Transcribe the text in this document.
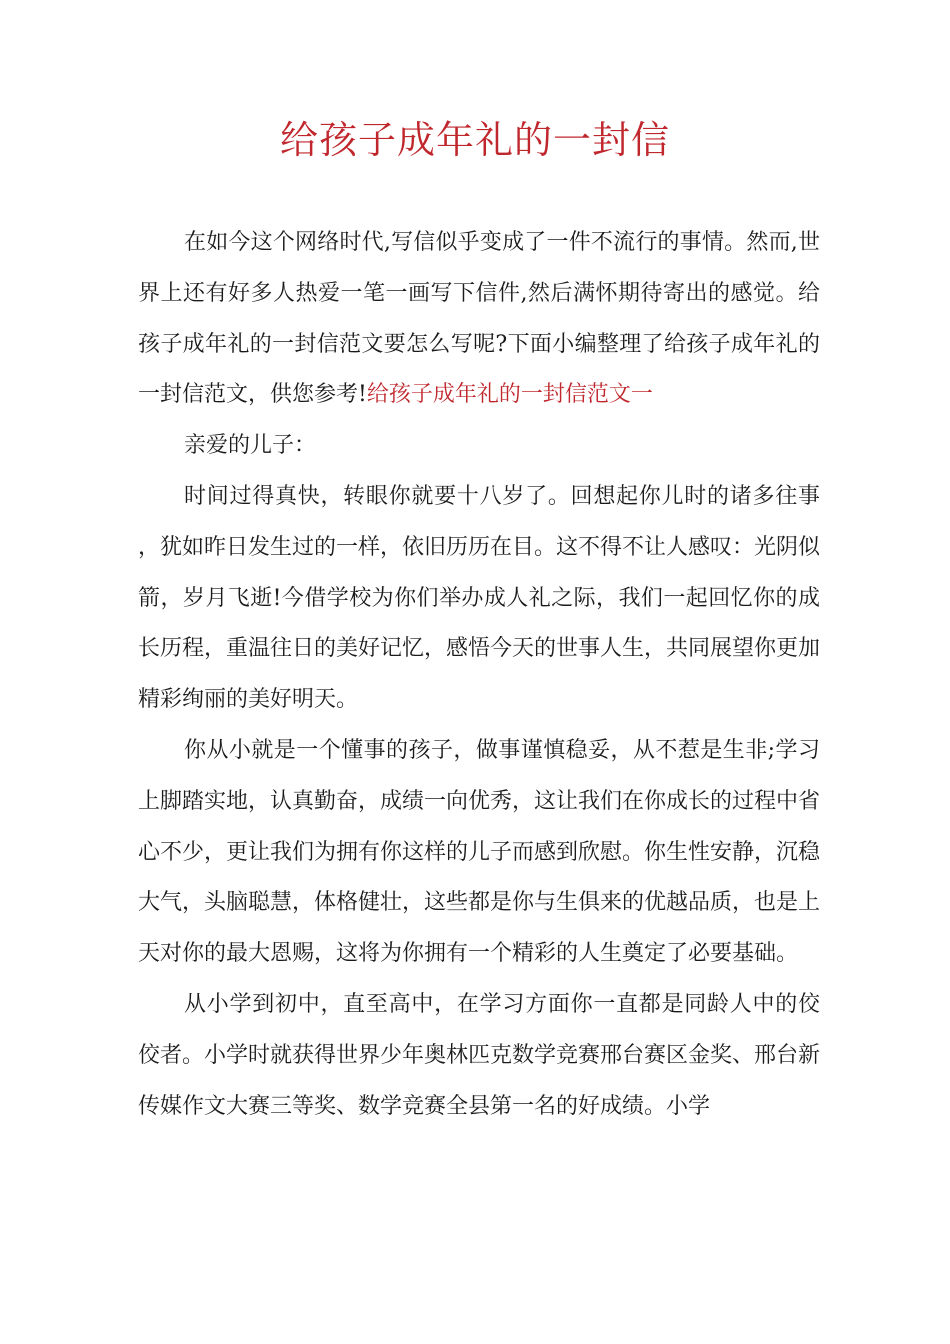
给孩子成年礼的一封信

在如今这个网络时代,写信似乎变成了一件不流行的事情。然而,世界上还有好多人热爱一笔一画写下信件,然后满怀期待寄出的感觉。给孩子成年礼的一封信范文要怎么写呢?下面小编整理了给孩子成年礼的一封信范文，供您参考!给孩子成年礼的一封信范文一

亲爱的儿子：

时间过得真快，转眼你就要十八岁了。回想起你儿时的诸多往事，犹如昨日发生过的一样，依旧历历在目。这不得不让人感叹：光阴似箭，岁月飞逝!今借学校为你们举办成人礼之际，我们一起回忆你的成长历程，重温往日的美好记忆，感悟今天的世事人生，共同展望你更加精彩绚丽的美好明天。

你从小就是一个懂事的孩子，做事谨慎稳妥，从不惹是生非;学习上脚踏实地，认真勤奋，成绩一向优秀，这让我们在你成长的过程中省心不少，更让我们为拥有你这样的儿子而感到欣慰。你生性安静，沉稳大气，头脑聪慧，体格健壮，这些都是你与生俱来的优越品质，也是上天对你的最大恩赐，这将为你拥有一个精彩的人生奠定了必要基础。

从小学到初中，直至高中，在学习方面你一直都是同龄人中的佼佼者。小学时就获得世界少年奥林匹克数学竞赛邢台赛区金奖、邢台新传媒作文大赛三等奖、数学竞赛全县第一名的好成绩。小学
